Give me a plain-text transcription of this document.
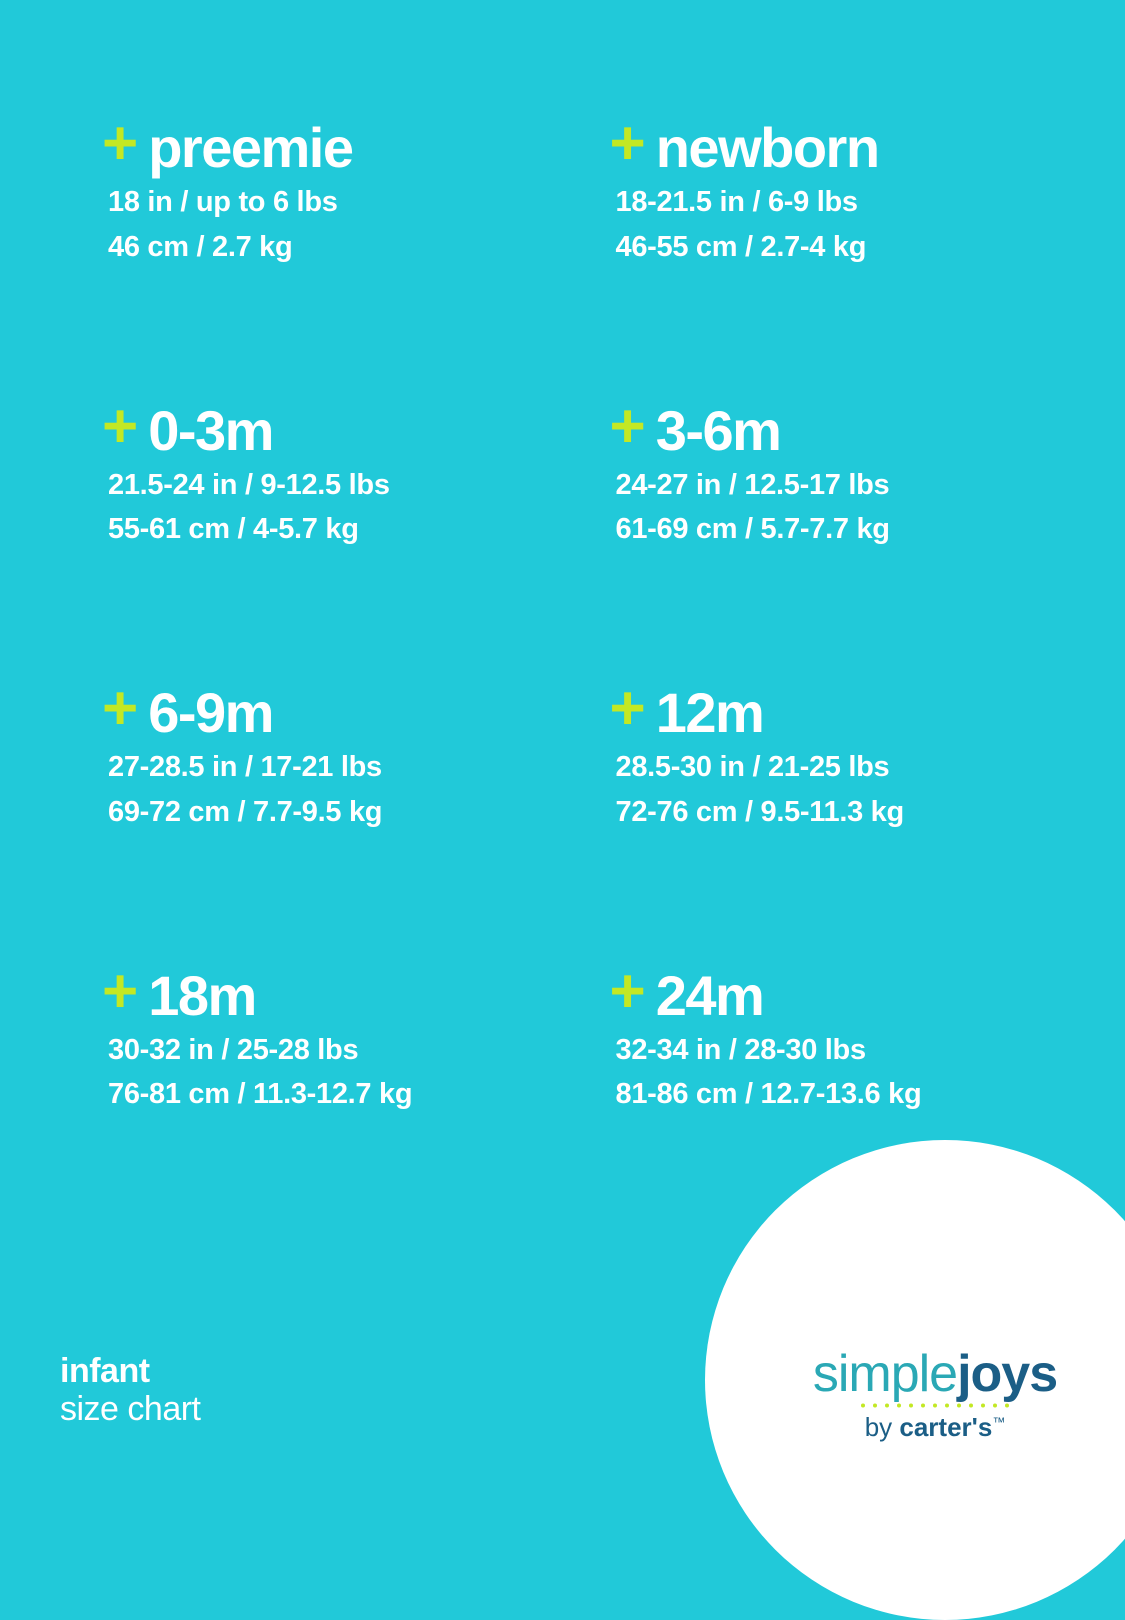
+ preemie
18 in / up to 6 lbs
46 cm / 2.7 kg
+ newborn
18-21.5 in / 6-9 lbs
46-55 cm / 2.7-4 kg
+ 0-3m
21.5-24 in / 9-12.5 lbs
55-61 cm / 4-5.7 kg
+ 3-6m
24-27 in / 12.5-17 lbs
61-69 cm / 5.7-7.7 kg
+ 6-9m
27-28.5 in / 17-21 lbs
69-72 cm / 7.7-9.5 kg
+ 12m
28.5-30 in / 21-25 lbs
72-76 cm / 9.5-11.3 kg
+ 18m
30-32 in / 25-28 lbs
76-81 cm / 11.3-12.7 kg
+ 24m
32-34 in / 28-30 lbs
81-86 cm / 12.7-13.6 kg
infant
size chart
simplejoys
by carter's™
